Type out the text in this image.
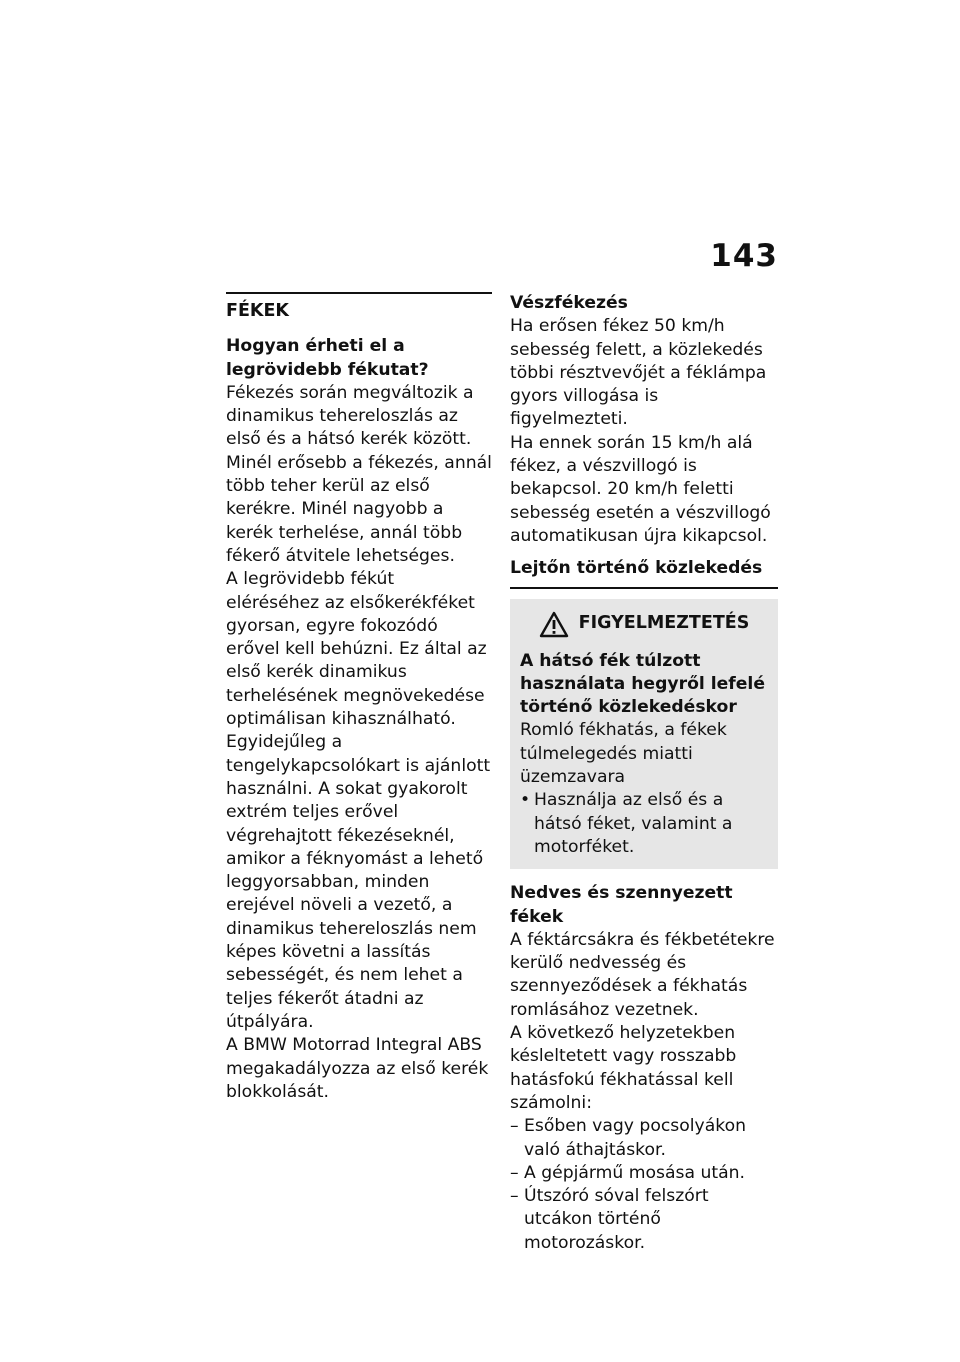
143
FÉKEK

Hogyan érheti el a legrövidebb fékutat?

Fékezés során megváltozik a dinamikus tehereloszlás az első és a hátsó kerék között. Minél erősebb a fékezés, annál több teher kerül az első kerékre. Minél nagyobb a kerék terhelése, annál több fékerő átvitele lehetséges.

A legrövidebb fékút eléréséhez az elsőkerékféket gyorsan, egyre fokozódó erővel kell behúzni. Ez által az első kerék dinamikus terhelésének megnövekedése optimálisan kihasználható. Egyidejűleg a tengelykapcsolókart is ajánlott használni. A sokat gyakorolt extrém teljes erővel végrehajtott fékezéseknél, amikor a féknyomást a lehető leggyorsabban, minden erejével növeli a vezető, a dinamikus tehereloszlás nem képes követni a lassítás sebességét, és nem lehet a teljes fékerőt átadni az útpályára.

A BMW Motorrad Integral ABS megakadályozza az első kerék blokkolását.

Vészfékezés

Ha erősen fékez 50 km/h sebesség felett, a közlekedés többi résztvevőjét a féklámpa gyors villogása is figyelmezteti.

Ha ennek során 15 km/h alá fékez, a vészvillogó is bekapcsol. 20 km/h feletti sebesség esetén a vészvillogó automatikusan újra kikapcsol.

Lejtőn történő közlekedés

FIGYELMEZTETÉS

A hátsó fék túlzott használata hegyről lefelé történő közlekedéskor

Romló fékhatás, a fékek túlmelegedés miatti üzemzavara

• Használja az első és a hátsó féket, valamint a motorféket.

Nedves és szennyezett fékek

A féktárcsákra és fékbetétekre kerülő nedvesség és szennyeződések a fékhatás romlásához vezetnek.

A következő helyzetekben késleltetett vagy rosszabb hatásfokú fékhatással kell számolni:

– Esőben vagy pocsolyákon való áthajtáskor.
– A gépjármű mosása után.
– Útszóró sóval felszórt utcákon történő motorozáskor.
